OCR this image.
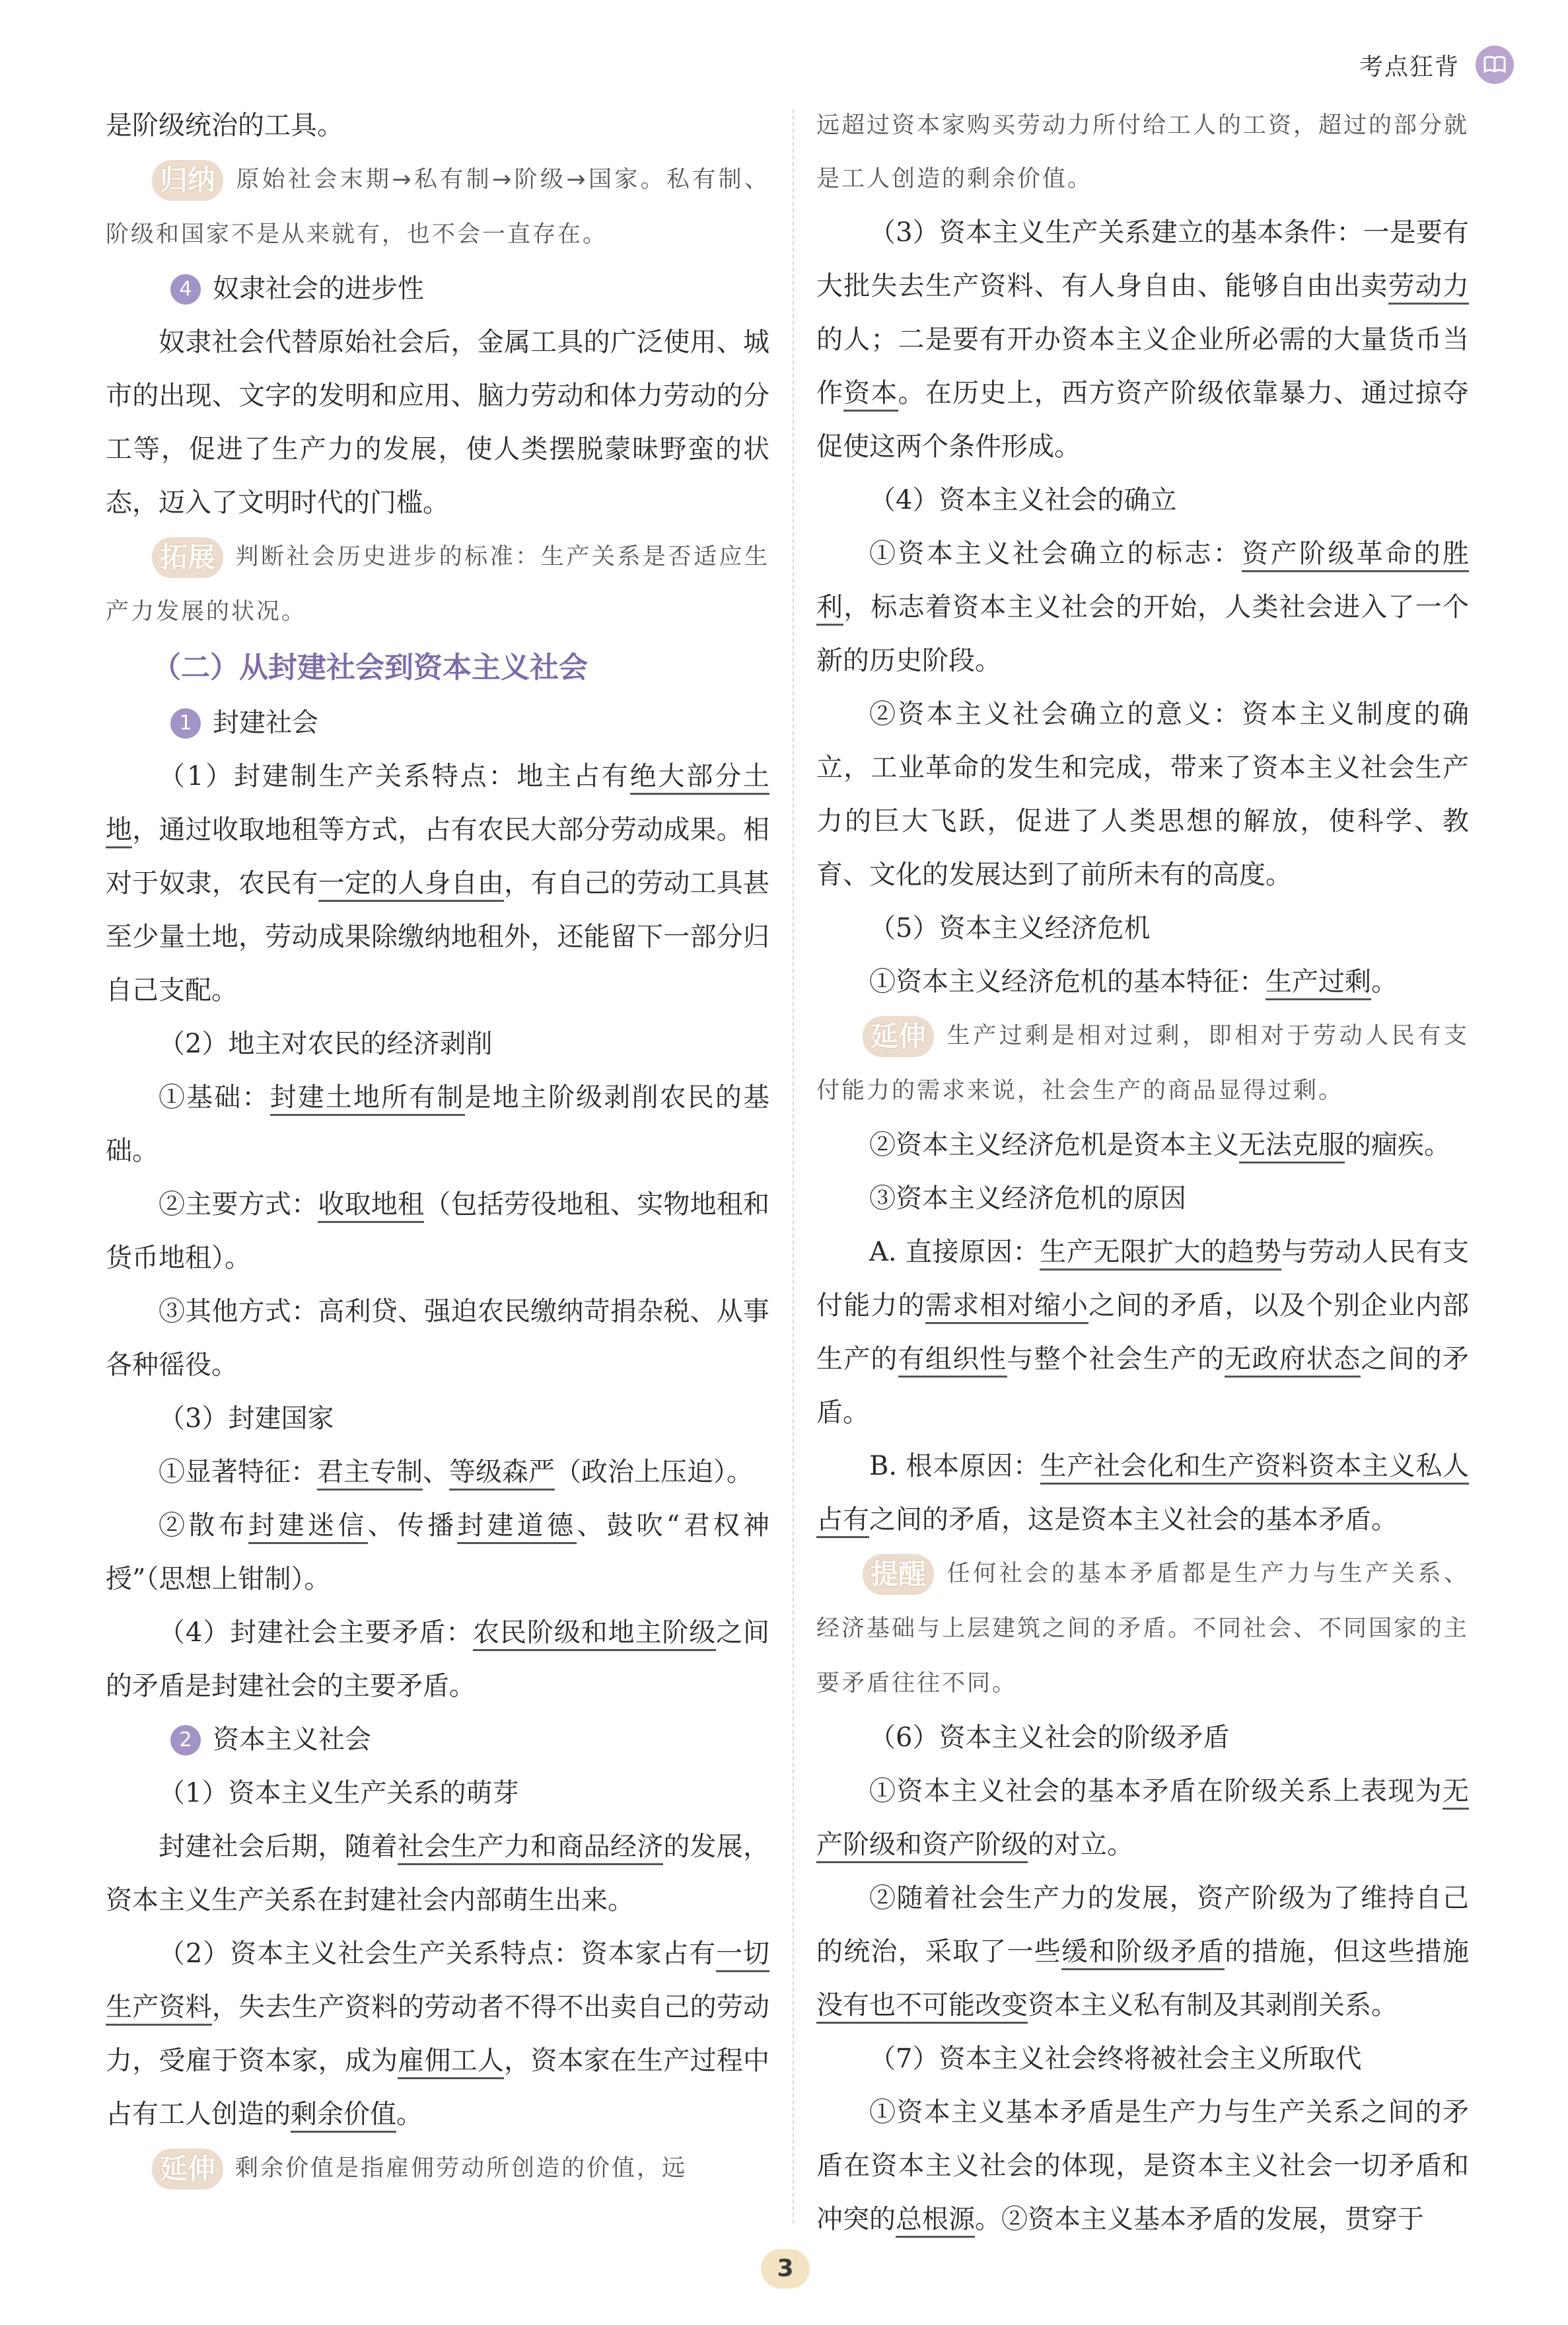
考点狂背

是阶级统治的工具。

归纳 原始社会末期→私有制→阶级→国家。私有制、阶级和国家不是从来就有，也不会一直存在。

4 奴隶社会的进步性

奴隶社会代替原始社会后，金属工具的广泛使用、城市的出现、文字的发明和应用、脑力劳动和体力劳动的分工等，促进了生产力的发展，使人类摆脱蒙昧野蛮的状态，迈入了文明时代的门槛。

拓展 判断社会历史进步的标准：生产关系是否适应生产力发展的状况。

（二）从封建社会到资本主义社会

1 封建社会

（1）封建制生产关系特点：地主占有绝大部分土地，通过收取地租等方式，占有农民大部分劳动成果。相对于奴隶，农民有一定的人身自由，有自己的劳动工具甚至少量土地，劳动成果除缴纳地租外，还能留下一部分归自己支配。

（2）地主对农民的经济剥削

①基础：封建土地所有制是地主阶级剥削农民的基础。

②主要方式：收取地租（包括劳役地租、实物地租和货币地租）。

③其他方式：高利贷、强迫农民缴纳苛捐杂税、从事各种徭役。

（3）封建国家

①显著特征：君主专制、等级森严（政治上压迫）。

②散布封建迷信、传播封建道德、鼓吹“君权神授”（思想上钳制）。

（4）封建社会主要矛盾：农民阶级和地主阶级之间的矛盾是封建社会的主要矛盾。

2 资本主义社会

（1）资本主义生产关系的萌芽

封建社会后期，随着社会生产力和商品经济的发展，资本主义生产关系在封建社会内部萌生出来。

（2）资本主义社会生产关系特点：资本家占有一切生产资料，失去生产资料的劳动者不得不出卖自己的劳动力，受雇于资本家，成为雇佣工人，资本家在生产过程中占有工人创造的剩余价值。

延伸 剩余价值是指雇佣劳动所创造的价值，远

远超过资本家购买劳动力所付给工人的工资，超过的部分就是工人创造的剩余价值。

（3）资本主义生产关系建立的基本条件：一是要有大批失去生产资料、有人身自由、能够自由出卖劳动力的人；二是要有开办资本主义企业所必需的大量货币当作资本。在历史上，西方资产阶级依靠暴力、通过掠夺促使这两个条件形成。

（4）资本主义社会的确立

①资本主义社会确立的标志：资产阶级革命的胜利，标志着资本主义社会的开始，人类社会进入了一个新的历史阶段。

②资本主义社会确立的意义：资本主义制度的确立，工业革命的发生和完成，带来了资本主义社会生产力的巨大飞跃，促进了人类思想的解放，使科学、教育、文化的发展达到了前所未有的高度。

（5）资本主义经济危机

①资本主义经济危机的基本特征：生产过剩。

延伸 生产过剩是相对过剩，即相对于劳动人民有支付能力的需求来说，社会生产的商品显得过剩。

②资本主义经济危机是资本主义无法克服的痼疾。

③资本主义经济危机的原因

A. 直接原因：生产无限扩大的趋势与劳动人民有支付能力的需求相对缩小之间的矛盾，以及个别企业内部生产的有组织性与整个社会生产的无政府状态之间的矛盾。

B. 根本原因：生产社会化和生产资料资本主义私人占有之间的矛盾，这是资本主义社会的基本矛盾。

提醒 任何社会的基本矛盾都是生产力与生产关系、经济基础与上层建筑之间的矛盾。不同社会、不同国家的主要矛盾往往不同。

（6）资本主义社会的阶级矛盾

①资本主义社会的基本矛盾在阶级关系上表现为无产阶级和资产阶级的对立。

②随着社会生产力的发展，资产阶级为了维持自己的统治，采取了一些缓和阶级矛盾的措施，但这些措施没有也不可能改变资本主义私有制及其剥削关系。

（7）资本主义社会终将被社会主义所取代

①资本主义基本矛盾是生产力与生产关系之间的矛盾在资本主义社会的体现，是资本主义社会一切矛盾和冲突的总根源。②资本主义基本矛盾的发展，贯穿于

3
